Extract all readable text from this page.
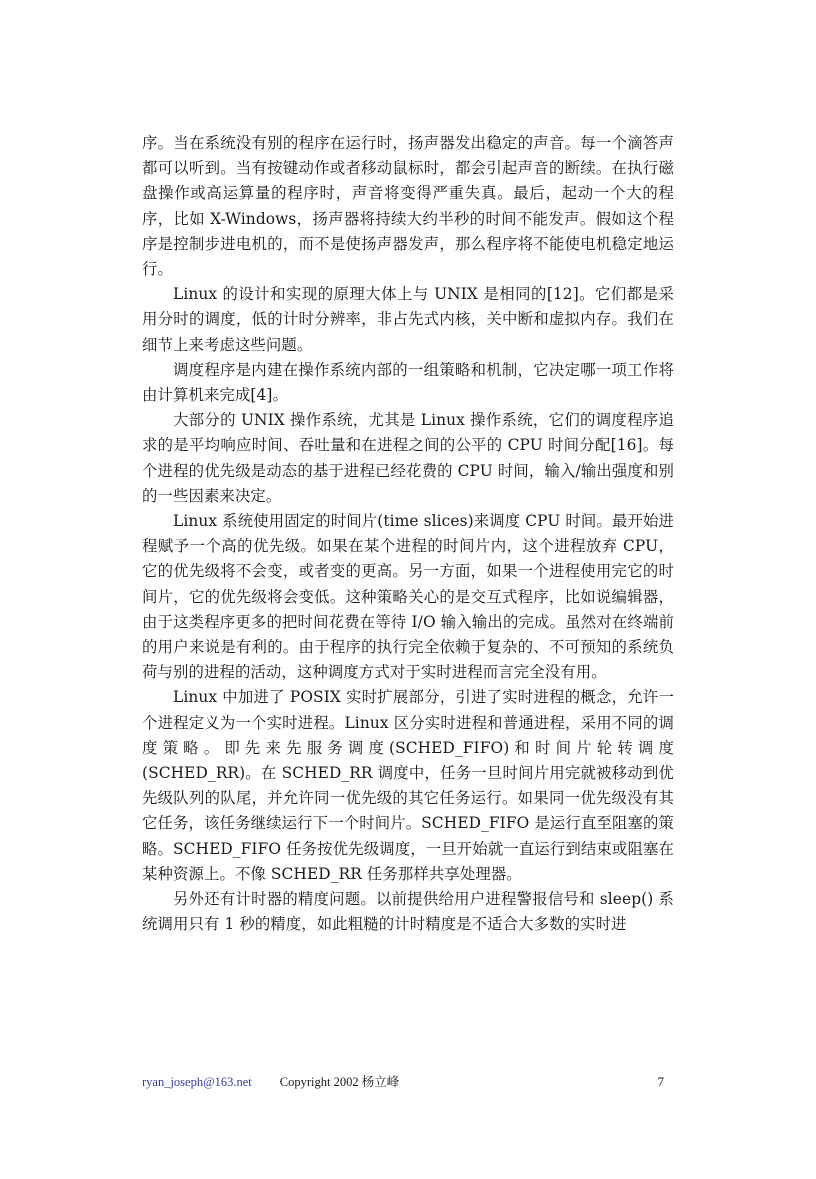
序。当在系统没有别的程序在运行时，扬声器发出稳定的声音。每一个滴答声都可以听到。当有按键动作或者移动鼠标时，都会引起声音的断续。在执行磁盘操作或高运算量的程序时，声音将变得严重失真。最后，起动一个大的程序，比如 X-Windows，扬声器将持续大约半秒的时间不能发声。假如这个程序是控制步进电机的，而不是使扬声器发声，那么程序将不能使电机稳定地运行。

Linux 的设计和实现的原理大体上与 UNIX 是相同的[12]。它们都是采用分时的调度，低的计时分辨率，非占先式内核，关中断和虚拟内存。我们在细节上来考虑这些问题。

调度程序是内建在操作系统内部的一组策略和机制，它决定哪一项工作将由计算机来完成[4]。

大部分的 UNIX 操作系统，尤其是 Linux 操作系统，它们的调度程序追求的是平均响应时间、吞吐量和在进程之间的公平的 CPU 时间分配[16]。每个进程的优先级是动态的基于进程已经花费的 CPU 时间，输入/输出强度和别的一些因素来决定。

Linux 系统使用固定的时间片(time slices)来调度 CPU 时间。最开始进程赋予一个高的优先级。如果在某个进程的时间片内，这个进程放弃 CPU，它的优先级将不会变，或者变的更高。另一方面，如果一个进程使用完它的时间片，它的优先级将会变低。这种策略关心的是交互式程序，比如说编辑器，由于这类程序更多的把时间花费在等待 I/O 输入输出的完成。虽然对在终端前的用户来说是有利的。由于程序的执行完全依赖于复杂的、不可预知的系统负荷与别的进程的活动，这种调度方式对于实时进程而言完全没有用。

Linux 中加进了 POSIX 实时扩展部分，引进了实时进程的概念，允许一个进程定义为一个实时进程。Linux 区分实时进程和普通进程，采用不同的调度策略。即先来先服务调度(SCHED_FIFO)和时间片轮转调度(SCHED_RR)。在 SCHED_RR 调度中，任务一旦时间片用完就被移动到优先级队列的队尾，并允许同一优先级的其它任务运行。如果同一优先级没有其它任务，该任务继续运行下一个时间片。SCHED_FIFO 是运行直至阻塞的策略。SCHED_FIFO 任务按优先级调度，一旦开始就一直运行到结束或阻塞在某种资源上。不像 SCHED_RR 任务那样共享处理器。

另外还有计时器的精度问题。以前提供给用户进程警报信号和 sleep() 系统调用只有 1 秒的精度，如此粗糙的计时精度是不适合大多数的实时进

ryan_joseph@163.net Copyright 2002 杨立峰	7
